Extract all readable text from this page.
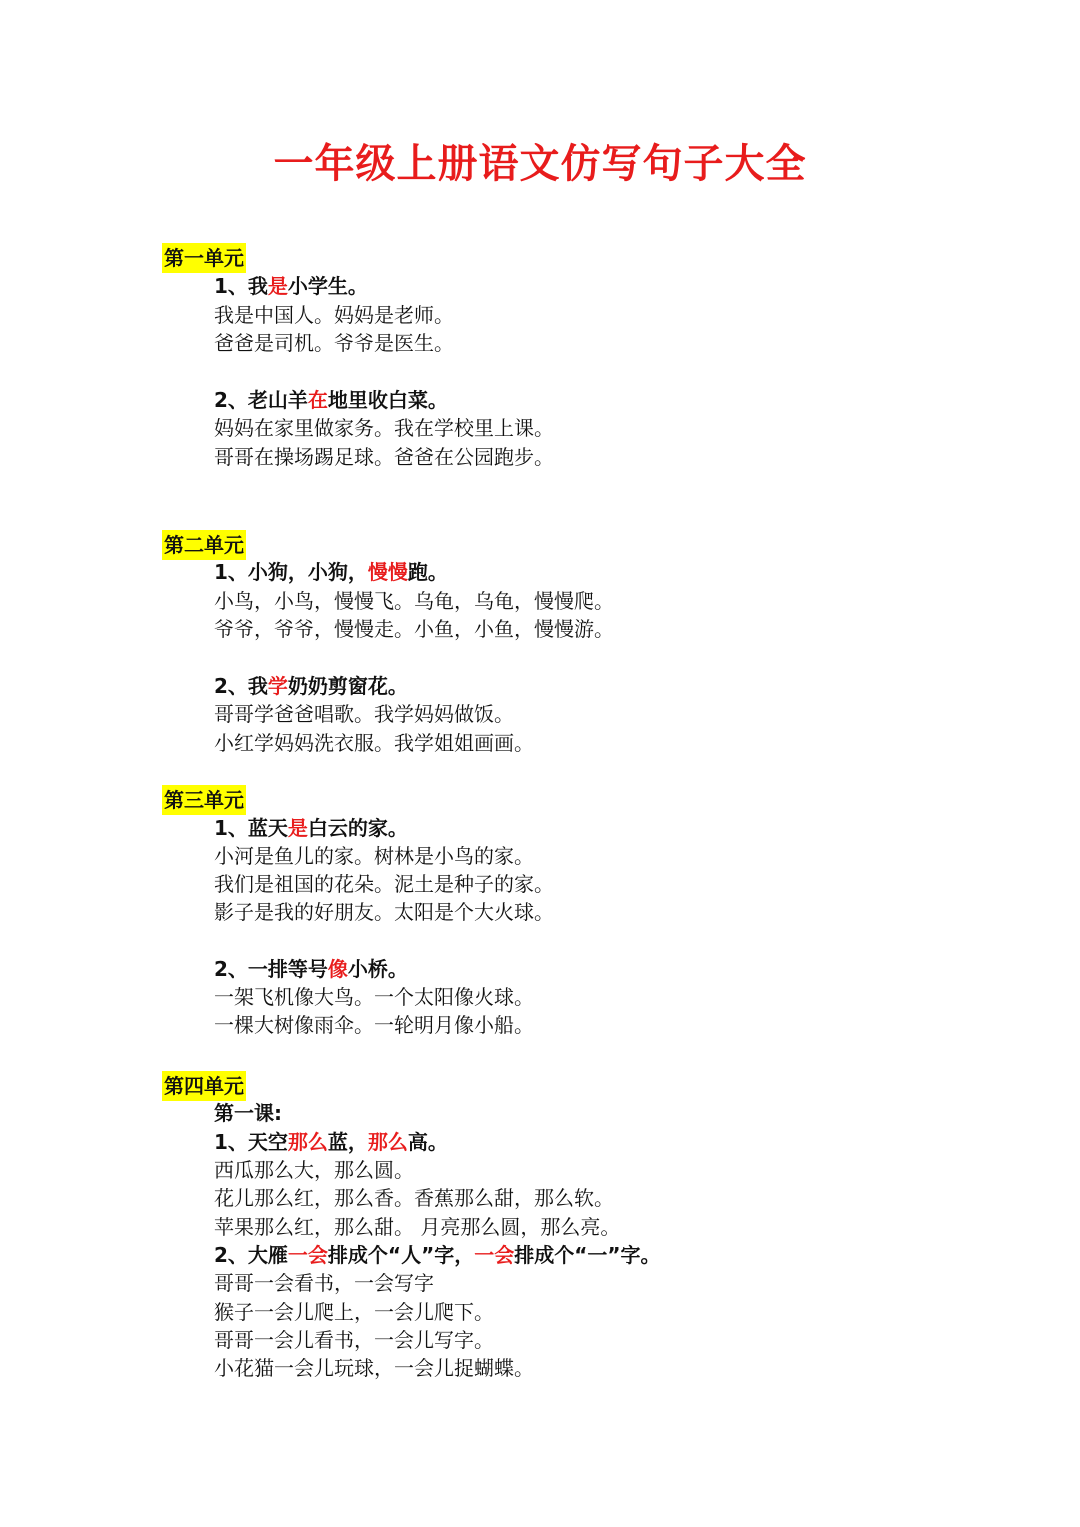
一年级上册语文仿写句子大全
第一单元
1、我是小学生。
我是中国人。妈妈是老师。
爸爸是司机。爷爷是医生。
2、老山羊在地里收白菜。
妈妈在家里做家务。我在学校里上课。
哥哥在操场踢足球。爸爸在公园跑步。
第二单元
1、小狗，小狗，慢慢跑。
小鸟，小鸟，慢慢飞。乌龟，乌龟，慢慢爬。
爷爷，爷爷，慢慢走。小鱼，小鱼，慢慢游。
2、我学奶奶剪窗花。
哥哥学爸爸唱歌。我学妈妈做饭。
小红学妈妈洗衣服。我学姐姐画画。
第三单元
1、蓝天是白云的家。
小河是鱼儿的家。树林是小鸟的家。
我们是祖国的花朵。泥土是种子的家。
影子是我的好朋友。太阳是个大火球。
2、一排等号像小桥。
一架飞机像大鸟。一个太阳像火球。
一棵大树像雨伞。一轮明月像小船。
第四单元
第一课:
1、天空那么蓝，那么高。
西瓜那么大，那么圆。
花儿那么红，那么香。香蕉那么甜，那么软。
苹果那么红，那么甜。 月亮那么圆，那么亮。
2、大雁一会排成个“人”字，一会排成个“一”字。
哥哥一会看书，一会写字
猴子一会儿爬上，一会儿爬下。
哥哥一会儿看书，一会儿写字。
小花猫一会儿玩球，一会儿捉蝴蝶。
